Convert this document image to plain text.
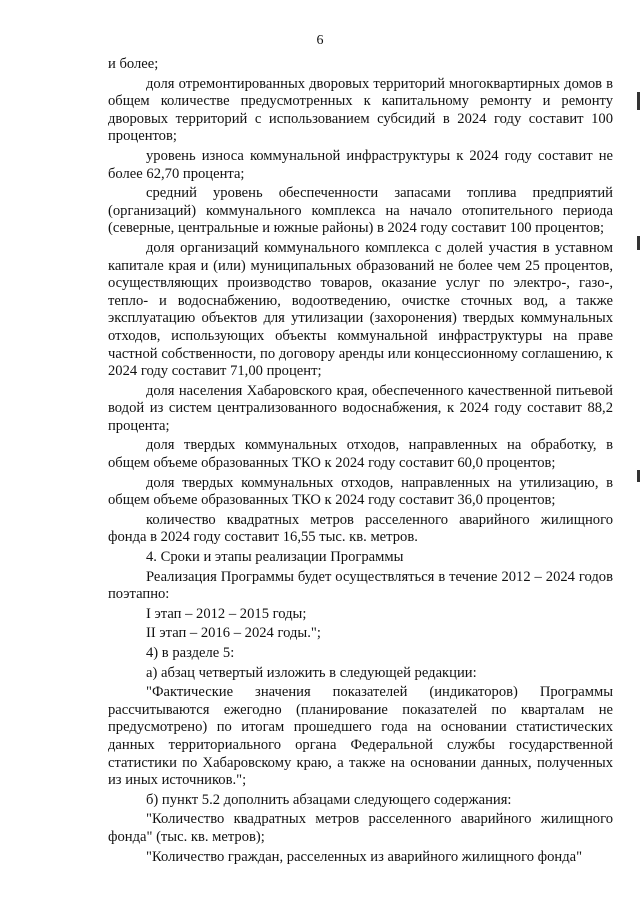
6

и более;

доля отремонтированных дворовых территорий многоквартирных домов в общем количестве предусмотренных к капитальному ремонту и ремонту дворовых территорий с использованием субсидий в 2024 году составит 100 процентов;

уровень износа коммунальной инфраструктуры к 2024 году составит не более 62,70 процента;

средний уровень обеспеченности запасами топлива предприятий (организаций) коммунального комплекса на начало отопительного периода (северные, центральные и южные районы) в 2024 году составит 100 процентов;

доля организаций коммунального комплекса с долей участия в уставном капитале края и (или) муниципальных образований не более чем 25 процентов, осуществляющих производство товаров, оказание услуг по электро-, газо-, тепло- и водоснабжению, водоотведению, очистке сточных вод, а также эксплуатацию объектов для утилизации (захоронения) твердых коммунальных отходов, использующих объекты коммунальной инфраструктуры на праве частной собственности, по договору аренды или концессионному соглашению, к 2024 году составит 71,00 процент;

доля населения Хабаровского края, обеспеченного качественной питьевой водой из систем централизованного водоснабжения, к 2024 году составит 88,2 процента;

доля твердых коммунальных отходов, направленных на обработку, в общем объеме образованных ТКО к 2024 году составит 60,0 процентов;

доля твердых коммунальных отходов, направленных на утилизацию, в общем объеме образованных ТКО к 2024 году составит 36,0 процентов;

количество квадратных метров расселенного аварийного жилищного фонда в 2024 году составит 16,55 тыс. кв. метров.

4. Сроки и этапы реализации Программы

Реализация Программы будет осуществляться в течение 2012 – 2024 годов поэтапно:

I этап – 2012 – 2015 годы;

II этап – 2016 – 2024 годы.";

4) в разделе 5:

а) абзац четвертый изложить в следующей редакции:

"Фактические значения показателей (индикаторов) Программы рассчитываются ежегодно (планирование показателей по кварталам не предусмотрено) по итогам прошедшего года на основании статистических данных территориального органа Федеральной службы государственной статистики по Хабаровскому краю, а также на основании данных, полученных из иных источников.";

б) пункт 5.2 дополнить абзацами следующего содержания:

"Количество квадратных метров расселенного аварийного жилищного фонда" (тыс. кв. метров);

"Количество граждан, расселенных из аварийного жилищного фонда"
